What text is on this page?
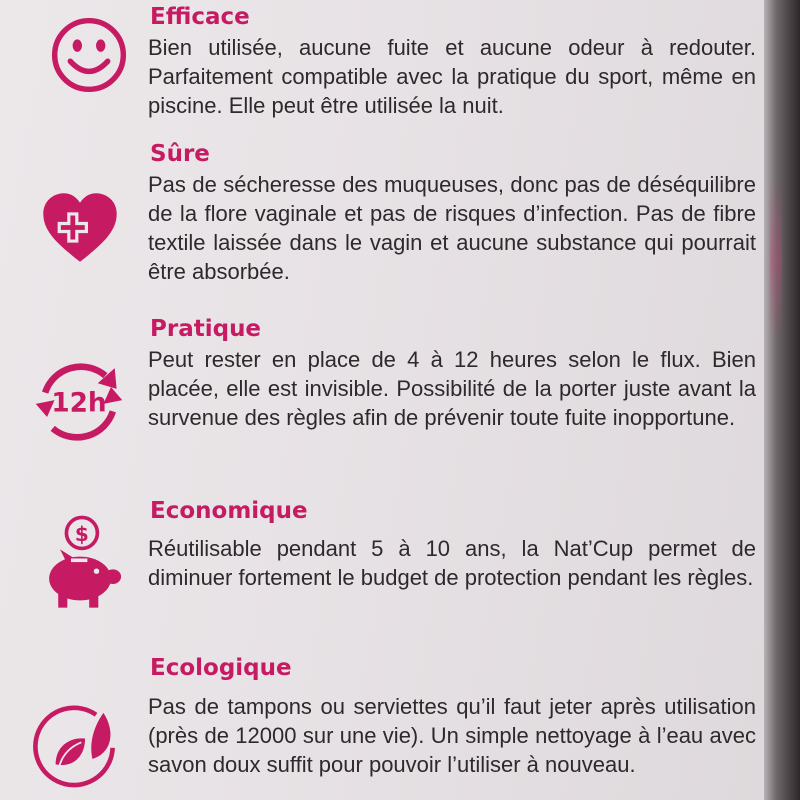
Efficace

Bien utilisée, aucune fuite et aucune odeur à redouter. Parfaitement compatible avec la pratique du sport, même en piscine. Elle peut être utilisée la nuit.

Sûre

Pas de sécheresse des muqueuses, donc pas de déséquilibre de la flore vaginale et pas de risques d’infection. Pas de fibre textile laissée dans le vagin et aucune substance qui pourrait être absorbée.

12h
Pratique

Peut rester en place de 4 à 12 heures selon le flux. Bien placée, elle est invisible. Possibilité de la porter juste avant la survenue des règles afin de prévenir toute fuite inopportune.

$
Economique

Réutilisable pendant 5 à 10 ans, la Nat’Cup permet de diminuer fortement le budget de protection pendant les règles.

Ecologique

Pas de tampons ou serviettes qu’il faut jeter après utilisation (près de 12000 sur une vie). Un simple nettoyage à l’eau avec savon doux suffit pour pouvoir l’utiliser à nouveau.
